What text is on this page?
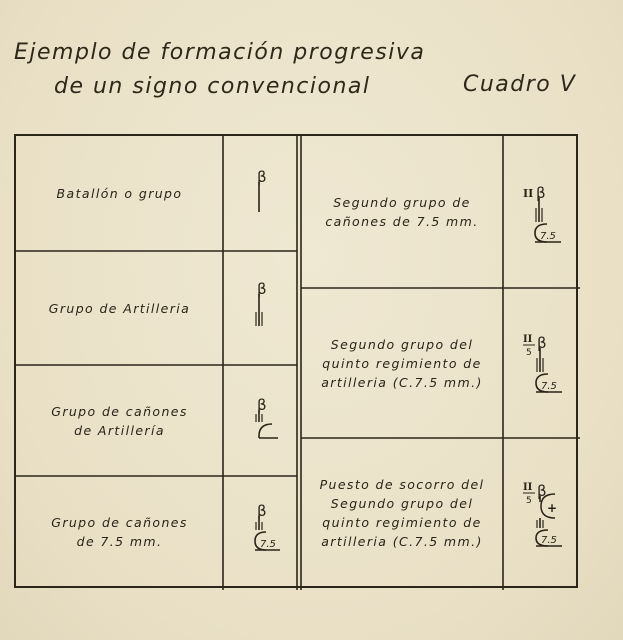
Ejemplo de formación progresiva
de un signo convencional	Cuadro V
Batallón o grupo
Grupo de Artilleria
Grupo de cañones
de Artillería
Grupo de cañones
de 7.5 mm.
Segundo grupo de
cañones de 7.5 mm.
Segundo grupo del
quinto regimiento de
artilleria (C.7.5 mm.)
Puesto de socorro del
Segundo grupo del
quinto regimiento de
artilleria (C.7.5 mm.)
β
β
β
β
7.5
II β
7.5
II
5
β
7.5
II
5
β
+
7.5
